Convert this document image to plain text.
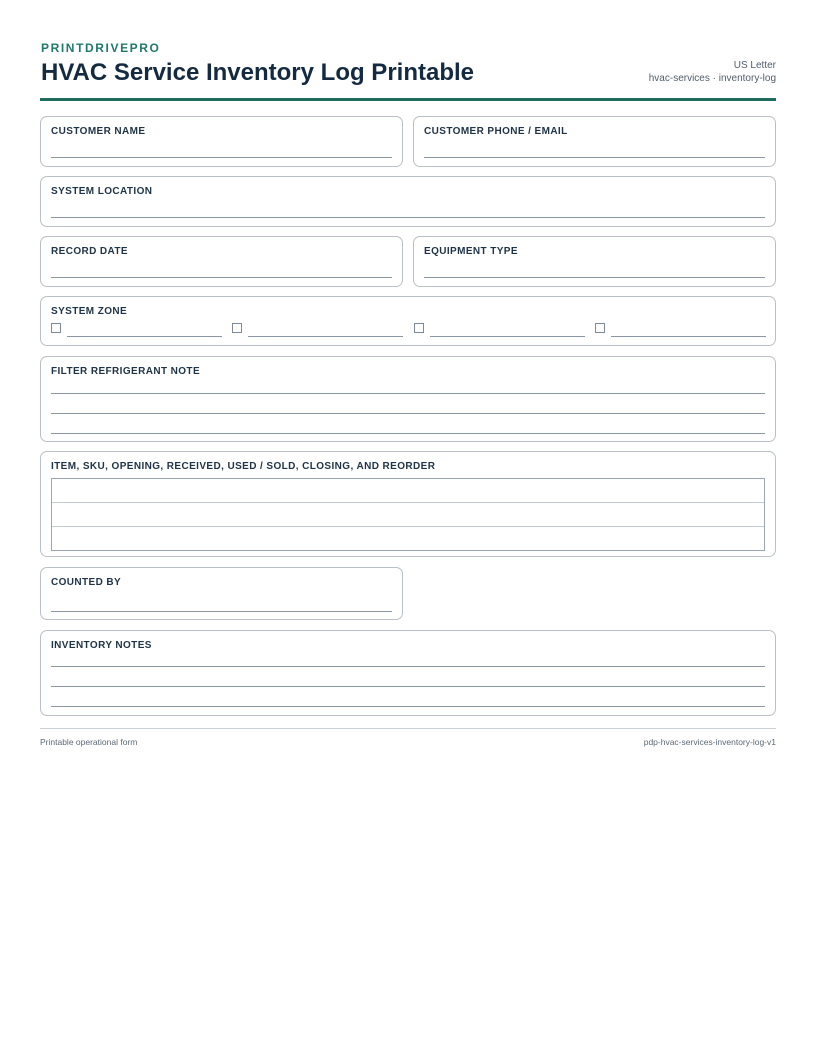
PRINTDRIVEPRO
HVAC Service Inventory Log Printable	US Letter
hvac-services · inventory-log
CUSTOMER NAME	CUSTOMER PHONE / EMAIL
SYSTEM LOCATION
RECORD DATE	EQUIPMENT TYPE
SYSTEM ZONE
FILTER REFRIGERANT NOTE
ITEM, SKU, OPENING, RECEIVED, USED / SOLD, CLOSING, AND REORDER
COUNTED BY
INVENTORY NOTES
Printable operational form	pdp-hvac-services-inventory-log-v1
